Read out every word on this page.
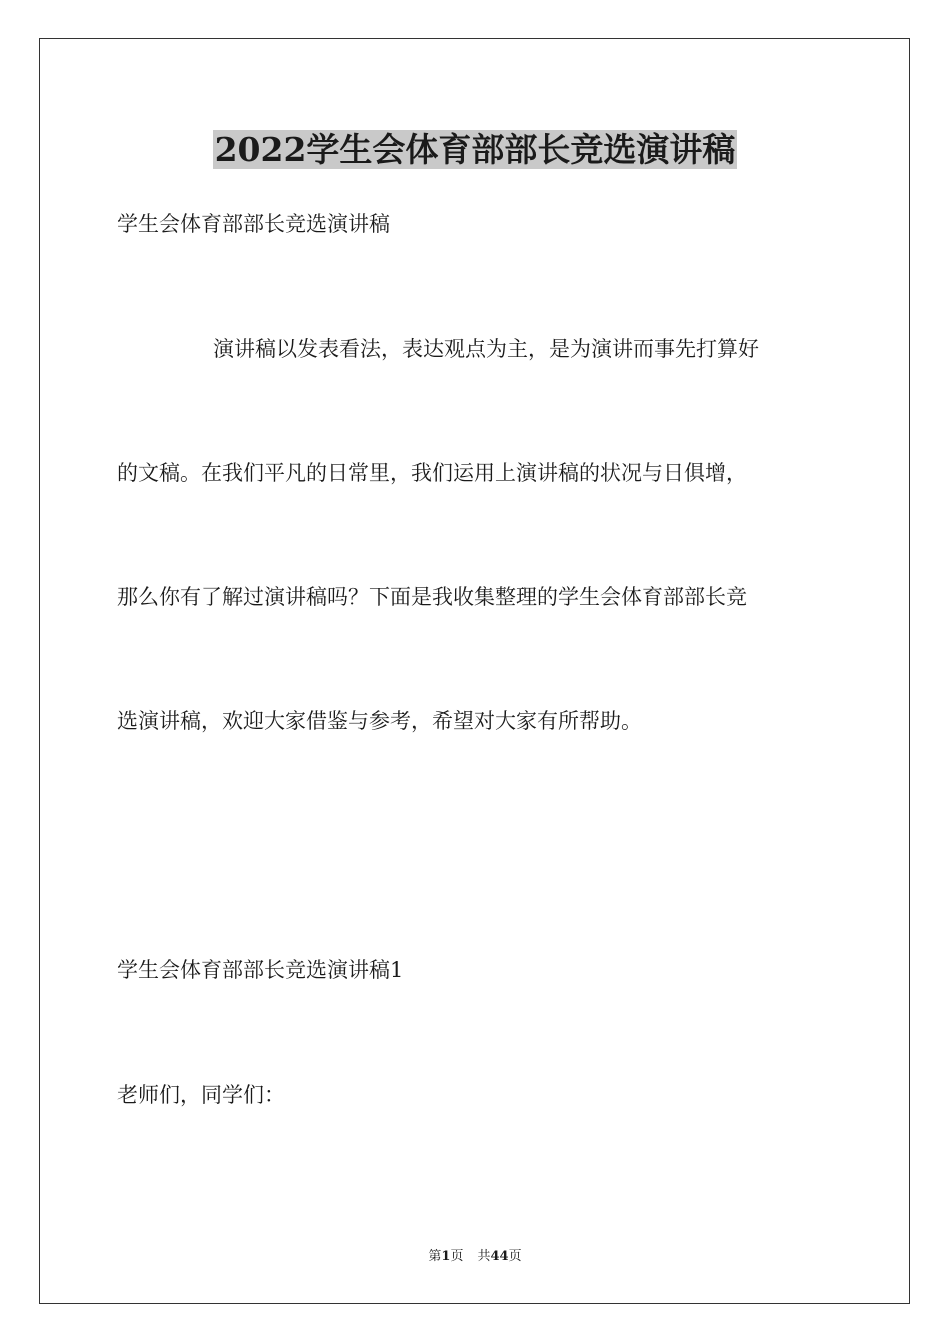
2022学生会体育部部长竞选演讲稿
学生会体育部部长竞选演讲稿
演讲稿以发表看法，表达观点为主，是为演讲而事先打算好
的文稿。在我们平凡的日常里，我们运用上演讲稿的状况与日俱增，
那么你有了解过演讲稿吗？下面是我收集整理的学生会体育部部长竞
选演讲稿，欢迎大家借鉴与参考，希望对大家有所帮助。
学生会体育部部长竞选演讲稿1
老师们，同学们：
第1页 共44页
